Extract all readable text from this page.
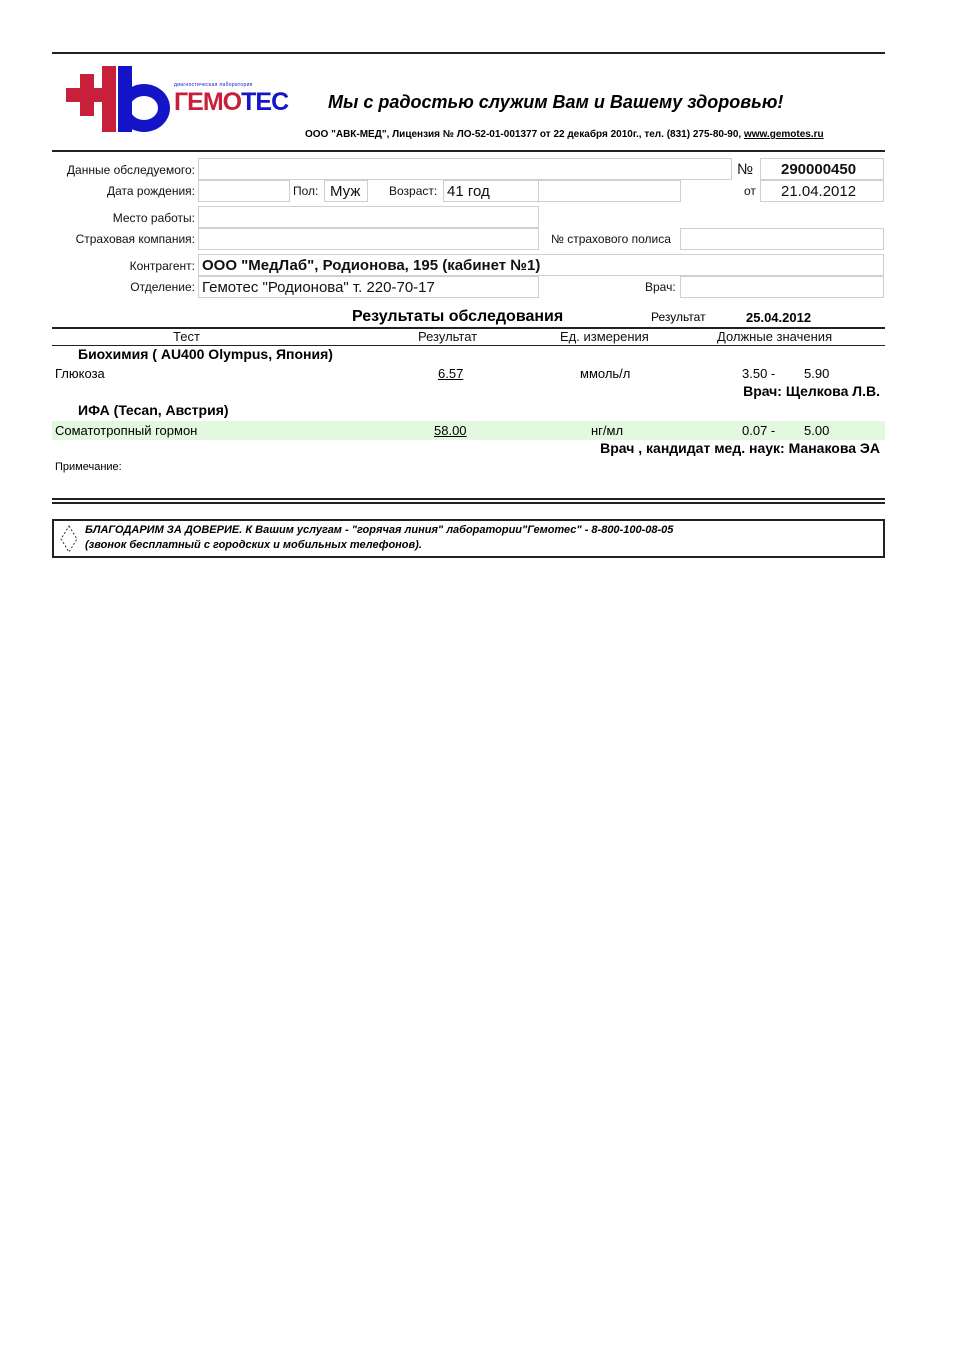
диагностическая лаборатория
ГЕМОТЕС Мы с радостью служим Вам и Вашему здоровью!
ООО "АВК-МЕД", Лицензия № ЛО-52-01-001377 от 22 декабря 2010г., тел. (831) 275-80-90, www.gemotes.ru
Данные обследуемого:	№ 290000450
Дата рождения:	Пол: Муж Возраст: 41 год	от 21.04.2012
Место работы:
Страховая компания:	№ страхового полиса
Контрагент: ООО "МедЛаб", Родионова, 195 (кабинет №1)
Отделение: Гемотес "Родионова" т. 220-70-17	Врач:
Результаты обследования	Результат	25.04.2012
Тест	Результат	Ед. измерения	Должные значения
Биохимия ( AU400 Olympus, Япония)
Глюкоза	6.57	ммоль/л	3.50 - 5.90
Врач: Щелкова Л.В.
ИФА (Tecan, Австрия)
Соматотропный гормон	58.00	нг/мл	0.07 - 5.00
Врач , кандидат мед. наук: Манакова ЭА
Примечание:
БЛАГОДАРИМ ЗА ДОВЕРИЕ. К Вашим услугам - "горячая линия" лаборатории"Гемотес" - 8-800-100-08-05
(звонок бесплатный с городских и мобильных телефонов).
